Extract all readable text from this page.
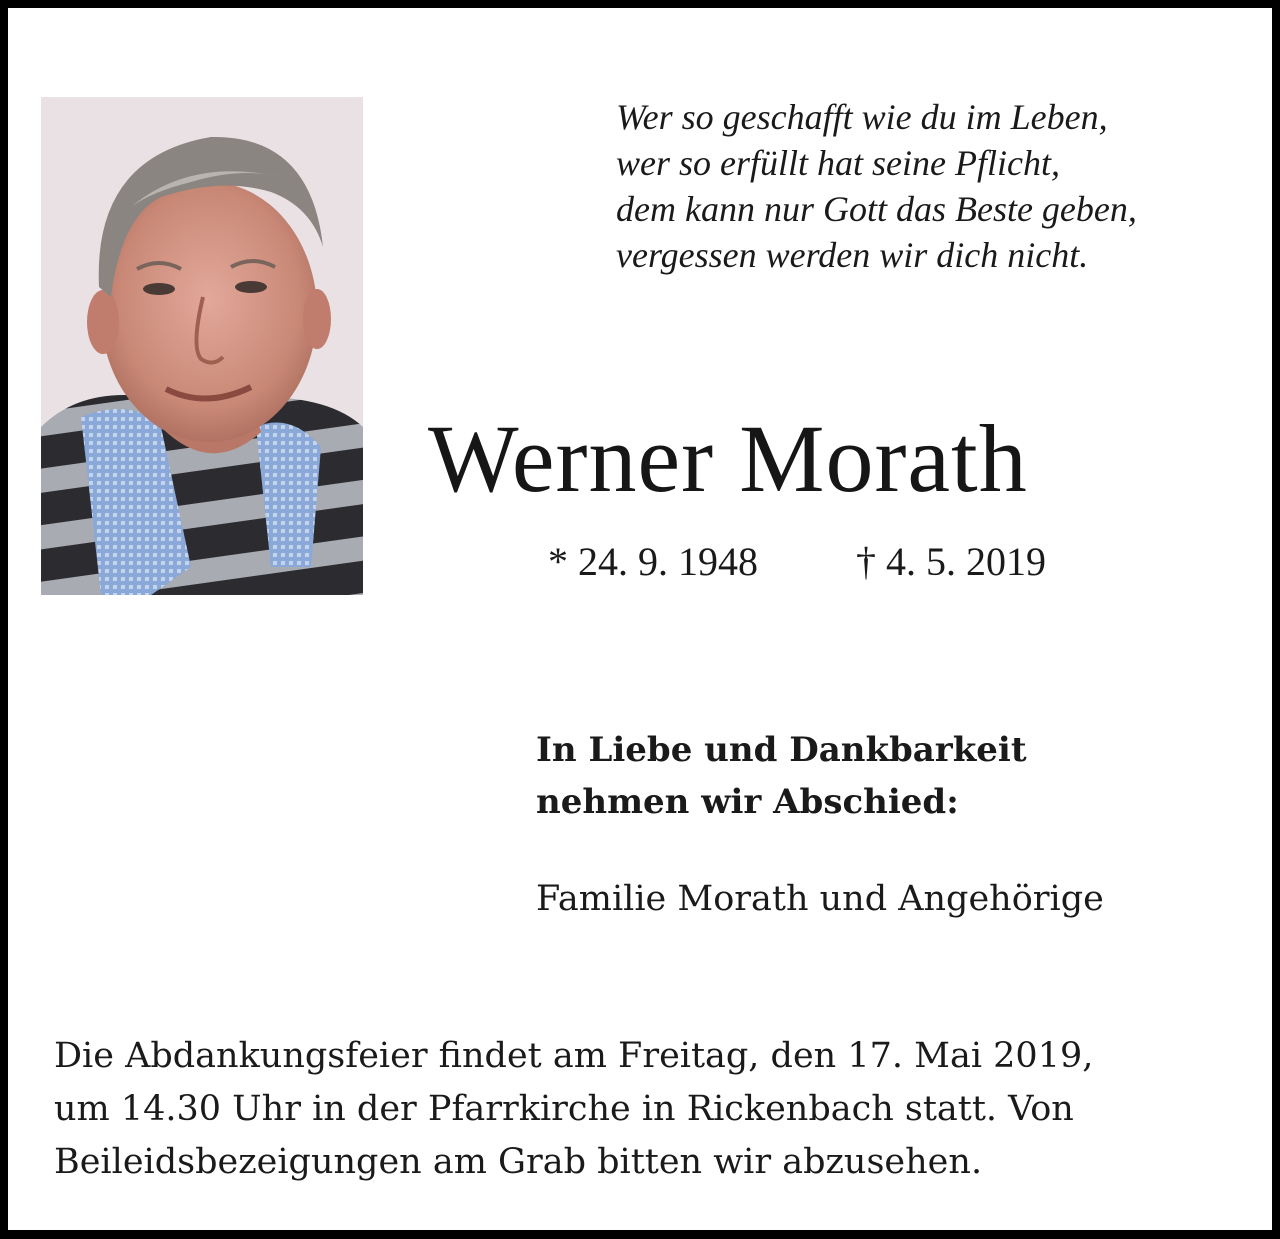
Wer so geschafft wie du im Leben,
wer so erfüllt hat seine Pflicht,
dem kann nur Gott das Beste geben,
vergessen werden wir dich nicht.
Werner Morath
* 24. 9. 1948 † 4. 5. 2019
In Liebe und Dankbarkeit
nehmen wir Abschied:
Familie Morath und Angehörige
Die Abdankungsfeier findet am Freitag, den 17. Mai 2019,
um 14.30 Uhr in der Pfarrkirche in Rickenbach statt. Von
Beileidsbezeigungen am Grab bitten wir abzusehen.
